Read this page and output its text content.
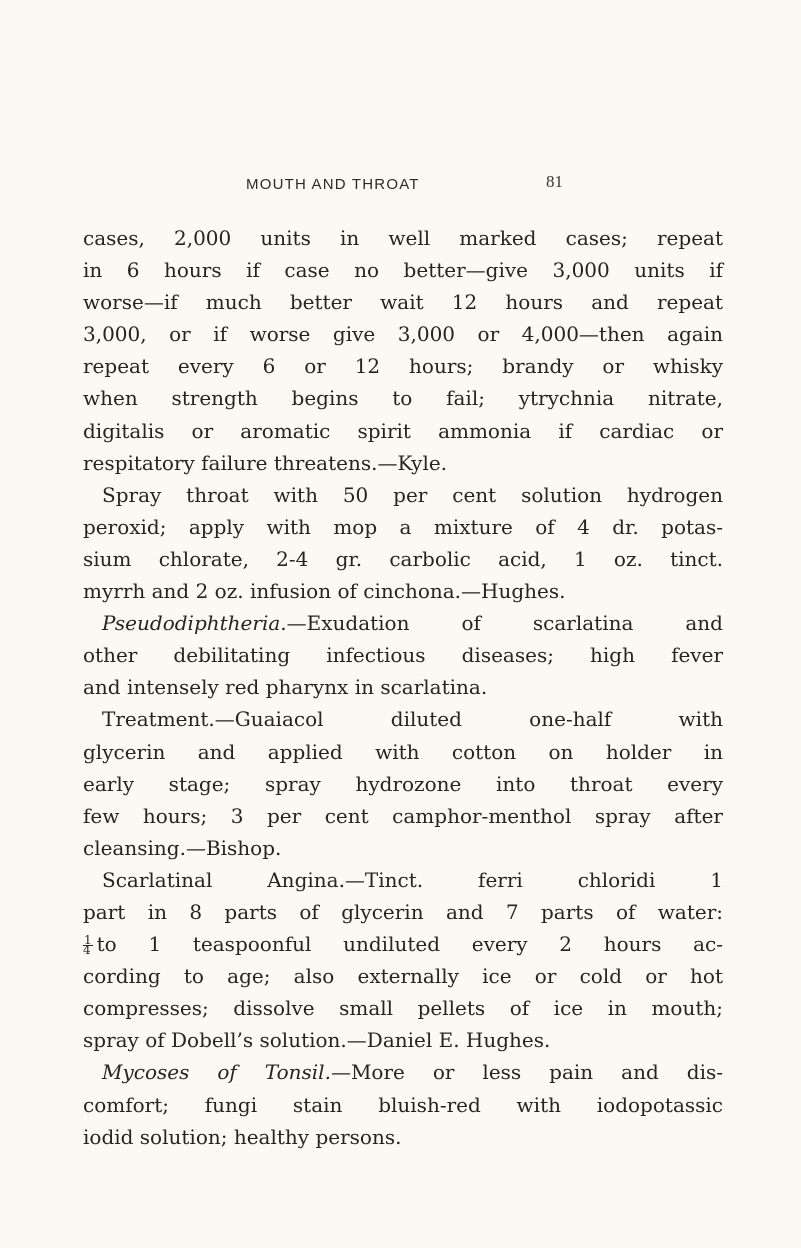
MOUTH AND THROAT	81
cases, 2,000 units in well marked cases; repeat
in 6 hours if case no better—give 3,000 units if
worse—if much better wait 12 hours and repeat
3,000, or if worse give 3,000 or 4,000—then again
repeat every 6 or 12 hours; brandy or whisky
when strength begins to fail; ytrychnia nitrate,
digitalis or aromatic spirit ammonia if cardiac or
respitatory failure threatens.—Kyle.
Spray throat with 50 per cent solution hydrogen
peroxid; apply with mop a mixture of 4 dr. potas-
sium chlorate, 2-4 gr. carbolic acid, 1 oz. tinct.
myrrh and 2 oz. infusion of cinchona.—Hughes.
Pseudodiphtheria.—Exudation of scarlatina and
other debilitating infectious diseases; high fever
and intensely red pharynx in scarlatina.
Treatment.—Guaiacol diluted one-half with
glycerin and applied with cotton on holder in
early stage; spray hydrozone into throat every
few hours; 3 per cent camphor-menthol spray after
cleansing.—Bishop.
Scarlatinal Angina.—Tinct. ferri chloridi 1
part in 8 parts of glycerin and 7 parts of water:
$\frac{1}{4}$ to 1 teaspoonful undiluted every 2 hours ac-
cording to age; also externally ice or cold or hot
compresses; dissolve small pellets of ice in mouth;
spray of Dobell’s solution.—Daniel E. Hughes.
Mycoses of Tonsil.—More or less pain and dis-
comfort; fungi stain bluish-red with iodopotassic
iodid solution; healthy persons.
